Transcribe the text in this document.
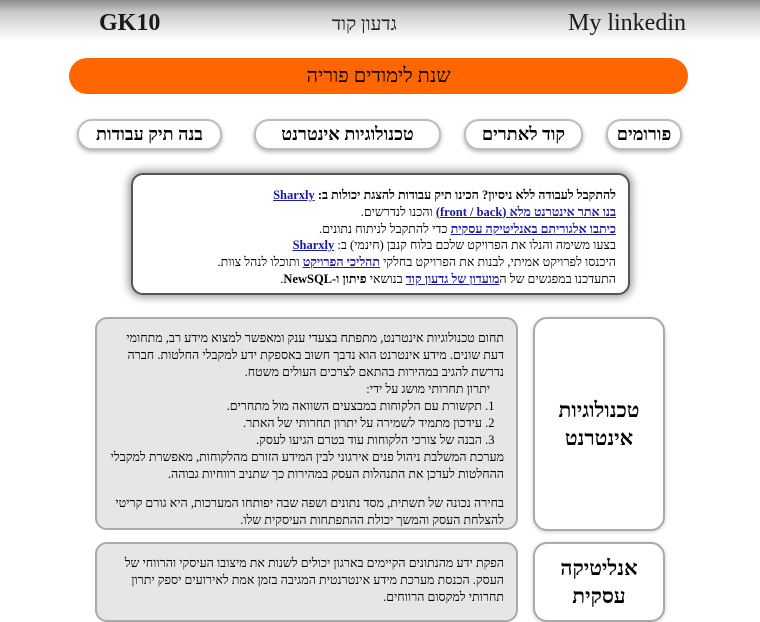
My linkedin
גדעון קוד
GK10
שנת לימודים פוריה
פורומים
קוד לאתרים
טכנולוגיות אינטרנט
בנה תיק עבודות

להתקבל לעבודה ללא ניסיון? הכינו תיק עבודות להצגת יכולות ב: Sharxly

בנו אתר אינטרנט מלא (front / back) והכנו לנדרשים.

כיתבו אלגוריתם באנליטיקה עסקית כדי להתקבל לניתוח נתונים.

בצעו משימה והנלו את הפרויקט שלכם בלוח קנבן (חינמי) ב: Sharxly

היכנסו לפרויקט אמיתי, לבנות את הפרויקט בחלקי תהליכי הפרויקט ותוכלו לנהל צוות.

התעדכנו במפגשים של המועדון של גדעון קוד בנושאי פיתון ו-NewSQL.

תחום טכנולוגיות אינטרנט, מתפתח בצעדי ענק ומאפשר למצוא מידע רב, מתחומי דעת שונים. מידע אינטרנט הוא נדבך חשוב באספקת ידע למקבלי החלטות. חברה נדרשת להגיב במהירות בהתאם לצרכים העולים משטח.

יתרון תחרותי מושג על ידי:
1. תקשורת עם הלקוחות במבצעים השוואה מול מתחרים.
2. עידכון מתמיד לשמירה על יתרון תחרותי של האתר.
3. הבנה של צורכי הלקוחות עוד בטרם הגיעו לעסק.

מערכת המשלבת ניהול פנים אירגוני לבין המידע הזורם מהלקוחות, מאפשרת למקבלי ההחלטות לעדכן את התנהלות העסק במהירות כך שתניב רווחיות גבוהה.

בחירה נכונה של תשתית, מסד נתונים ושפה שבה יפותחו המערכות, היא גורם קריטי להצלחת העסק והמשך יכולת ההתפתחות העיסקית שלו.

טכנולוגיות אינטרנט

הפקת ידע מהנתונים הקיימים בארגון יכולים לשנות את מיצובו העיסקי והרווחי של העסק. הכנסת מערכת מידע אינטרנטית המגיבה בזמן אמת לאירועים יספק יתרון תחרותי למקסום הרווחים.

אנליטיקה עסקית
